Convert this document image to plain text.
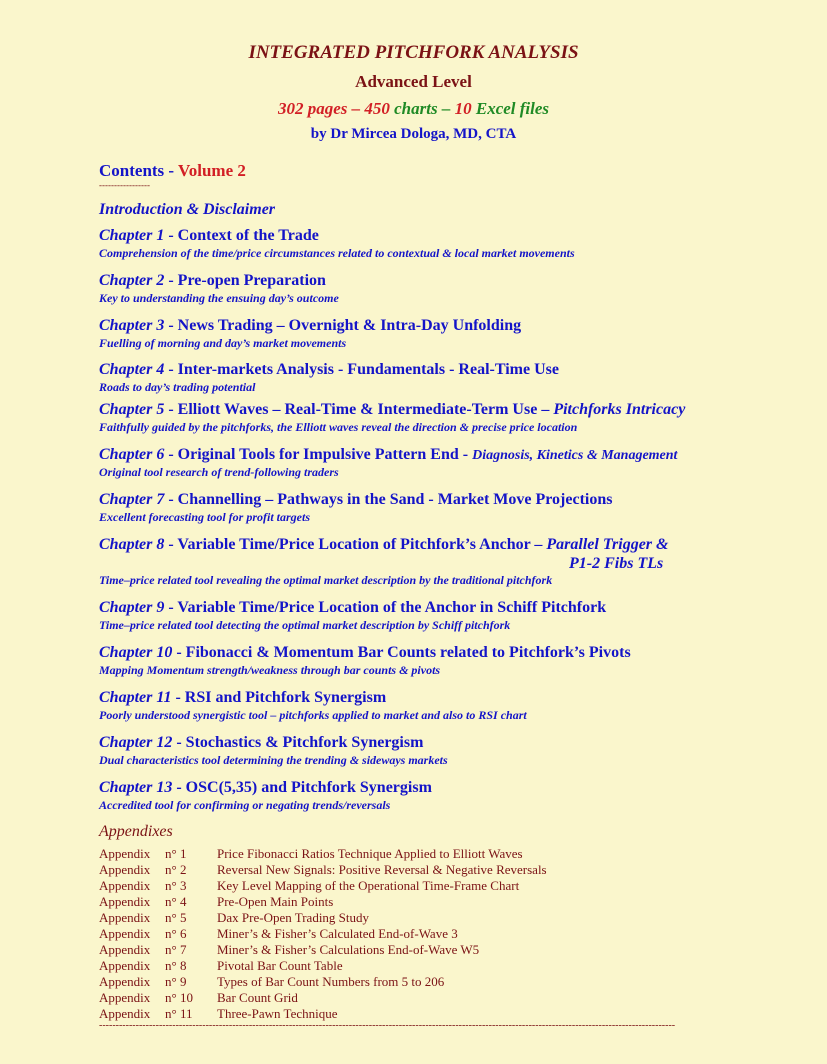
INTEGRATED PITCHFORK ANALYSIS
Advanced Level
302 pages – 450 charts – 10 Excel files
by Dr Mircea Dologa, MD, CTA
Contents - Volume 2
-----------------
Introduction & Disclaimer
Chapter 1 - Context of the Trade
Comprehension of the time/price circumstances related to contextual & local market movements
Chapter 2 - Pre-open Preparation
Key to understanding the ensuing day’s outcome
Chapter 3 - News Trading – Overnight & Intra-Day Unfolding
Fuelling of morning and day’s market movements
Chapter 4 - Inter-markets Analysis - Fundamentals - Real-Time Use
Roads to day’s trading potential
Chapter 5 - Elliott Waves – Real-Time & Intermediate-Term Use – Pitchforks Intricacy
Faithfully guided by the pitchforks, the Elliott waves reveal the direction & precise price location
Chapter 6 - Original Tools for Impulsive Pattern End - Diagnosis, Kinetics & Management
Original tool research of trend-following traders
Chapter 7 - Channelling – Pathways in the Sand - Market Move Projections
Excellent forecasting tool for profit targets
Chapter 8 - Variable Time/Price Location of Pitchfork’s Anchor – Parallel Trigger &
P1-2 Fibs TLs
Time–price related tool revealing the optimal market description by the traditional pitchfork
Chapter 9 - Variable Time/Price Location of the Anchor in Schiff Pitchfork
Time–price related tool detecting the optimal market description by Schiff pitchfork
Chapter 10 - Fibonacci & Momentum Bar Counts related to Pitchfork’s Pivots
Mapping Momentum strength/weakness through bar counts & pivots
Chapter 11 - RSI and Pitchfork Synergism
Poorly understood synergistic tool – pitchforks applied to market and also to RSI chart
Chapter 12 - Stochastics & Pitchfork Synergism
Dual characteristics tool determining the trending & sideways markets
Chapter 13 - OSC(5,35) and Pitchfork Synergism
Accredited tool for confirming or negating trends/reversals
Appendixes
Appendix n° 1 Price Fibonacci Ratios Technique Applied to Elliott Waves
Appendix n° 2 Reversal New Signals: Positive Reversal & Negative Reversals
Appendix n° 3 Key Level Mapping of the Operational Time-Frame Chart
Appendix n° 4 Pre-Open Main Points
Appendix n° 5 Dax Pre-Open Trading Study
Appendix n° 6 Miner’s & Fisher’s Calculated End-of-Wave 3
Appendix n° 7 Miner’s & Fisher’s Calculations End-of-Wave W5
Appendix n° 8 Pivotal Bar Count Table
Appendix n° 9 Types of Bar Count Numbers from 5 to 206
Appendix n° 10 Bar Count Grid
Appendix n° 11 Three-Pawn Technique
-----------------------------------------------------------------------------------------------------------------------------------------------------------------------------
